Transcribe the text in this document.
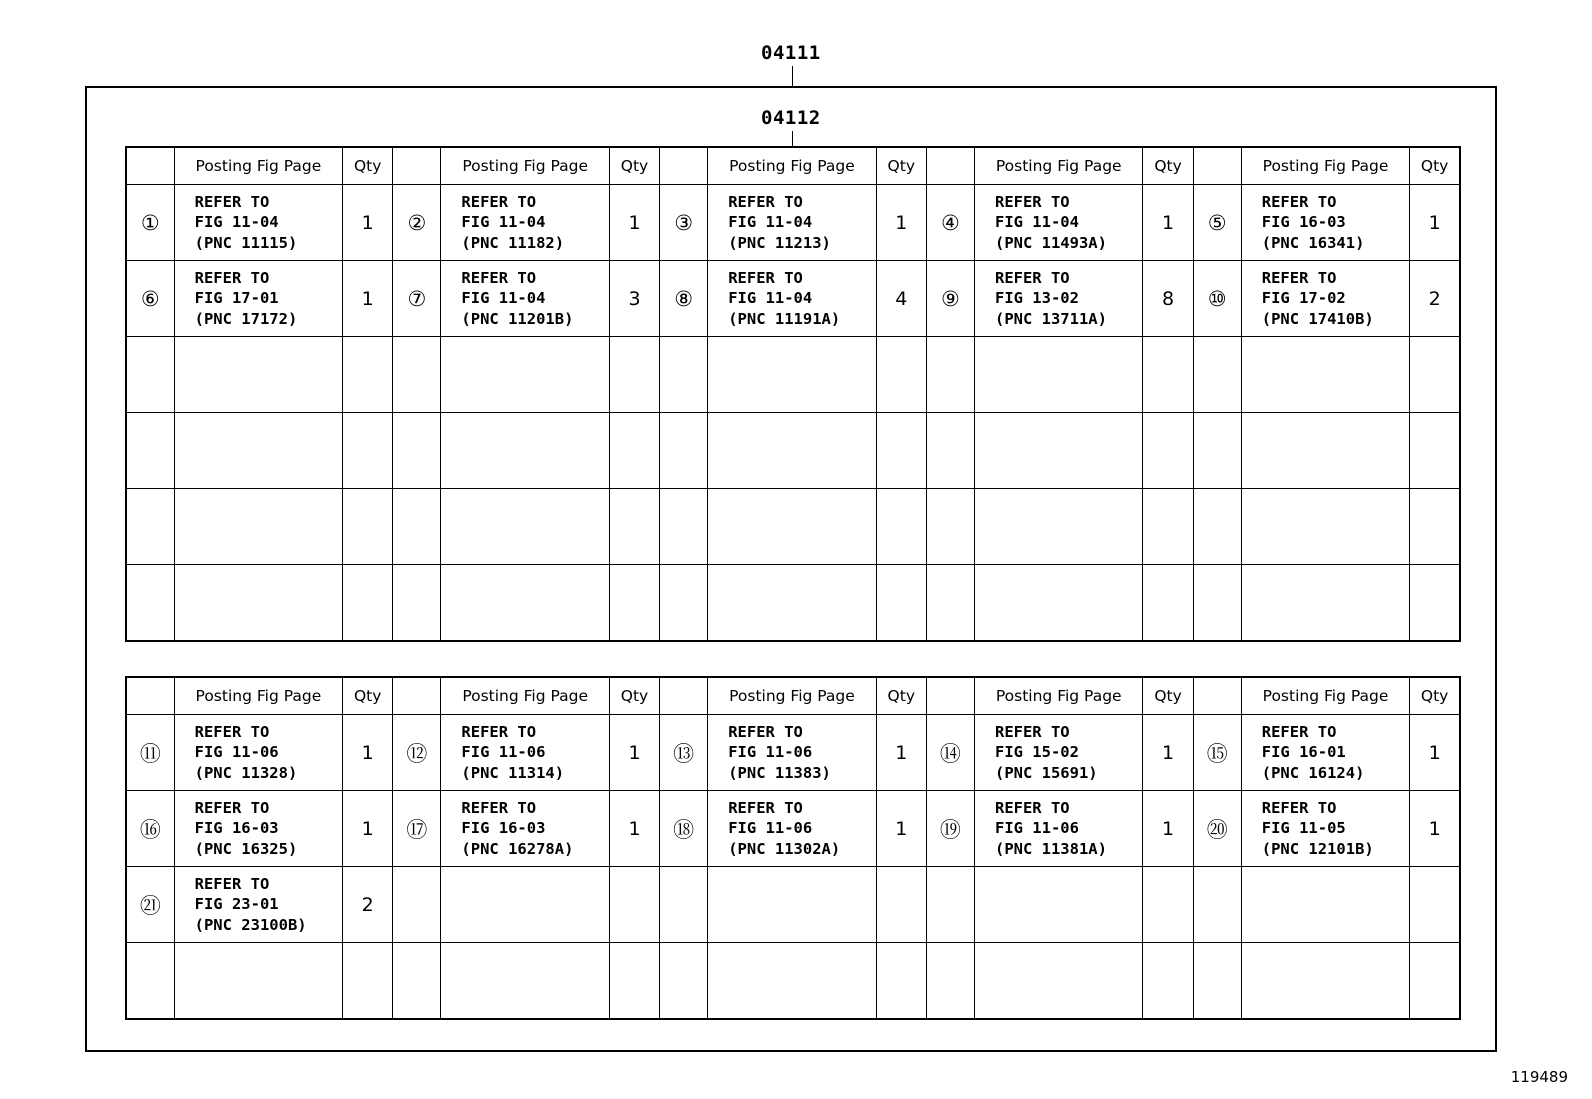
04111
04112
	Posting Fig Page	Qty		Posting Fig Page	Qty		Posting Fig Page	Qty		Posting Fig Page	Qty		Posting Fig Page	Qty
①	REFER TO
FIG 11-04
(PNC 11115)	1	②	REFER TO
FIG 11-04
(PNC 11182)	1	③	REFER TO
FIG 11-04
(PNC 11213)	1	④	REFER TO
FIG 11-04
(PNC 11493A)	1	⑤	REFER TO
FIG 16-03
(PNC 16341)	1
⑥	REFER TO
FIG 17-01
(PNC 17172)	1	⑦	REFER TO
FIG 11-04
(PNC 11201B)	3	⑧	REFER TO
FIG 11-04
(PNC 11191A)	4	⑨	REFER TO
FIG 13-02
(PNC 13711A)	8	⑩	REFER TO
FIG 17-02
(PNC 17410B)	2

	Posting Fig Page	Qty		Posting Fig Page	Qty		Posting Fig Page	Qty		Posting Fig Page	Qty		Posting Fig Page	Qty
⑪	REFER TO
FIG 11-06
(PNC 11328)	1	⑫	REFER TO
FIG 11-06
(PNC 11314)	1	⑬	REFER TO
FIG 11-06
(PNC 11383)	1	⑭	REFER TO
FIG 15-02
(PNC 15691)	1	⑮	REFER TO
FIG 16-01
(PNC 16124)	1
⑯	REFER TO
FIG 16-03
(PNC 16325)	1	⑰	REFER TO
FIG 16-03
(PNC 16278A)	1	⑱	REFER TO
FIG 11-06
(PNC 11302A)	1	⑲	REFER TO
FIG 11-06
(PNC 11381A)	1	⑳	REFER TO
FIG 11-05
(PNC 12101B)	1
㉑	REFER TO
FIG 23-01
(PNC 23100B)	2												

119489
